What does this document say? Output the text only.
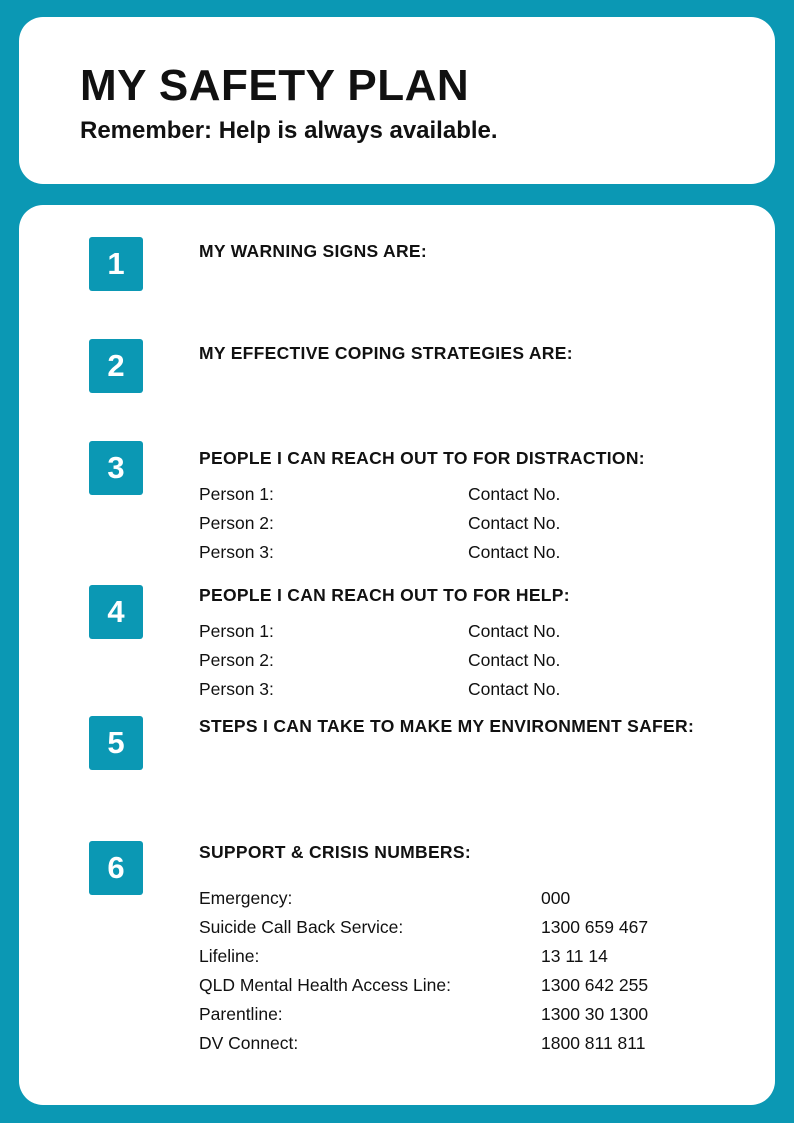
MY SAFETY PLAN
Remember: Help is always available.
1	MY WARNING SIGNS ARE:
2	MY EFFECTIVE COPING STRATEGIES ARE:
3	PEOPLE I CAN REACH OUT TO FOR DISTRACTION:
Person 1:	Contact No.
Person 2:	Contact No.
Person 3:	Contact No.
4	PEOPLE I CAN REACH OUT TO FOR HELP:
Person 1:	Contact No.
Person 2:	Contact No.
Person 3:	Contact No.
5	STEPS I CAN TAKE TO MAKE MY ENVIRONMENT SAFER:
6	SUPPORT & CRISIS NUMBERS:
Emergency:	000
Suicide Call Back Service:	1300 659 467
Lifeline:	13 11 14
QLD Mental Health Access Line:	1300 642 255
Parentline:	1300 30 1300
DV Connect:	1800 811 811
